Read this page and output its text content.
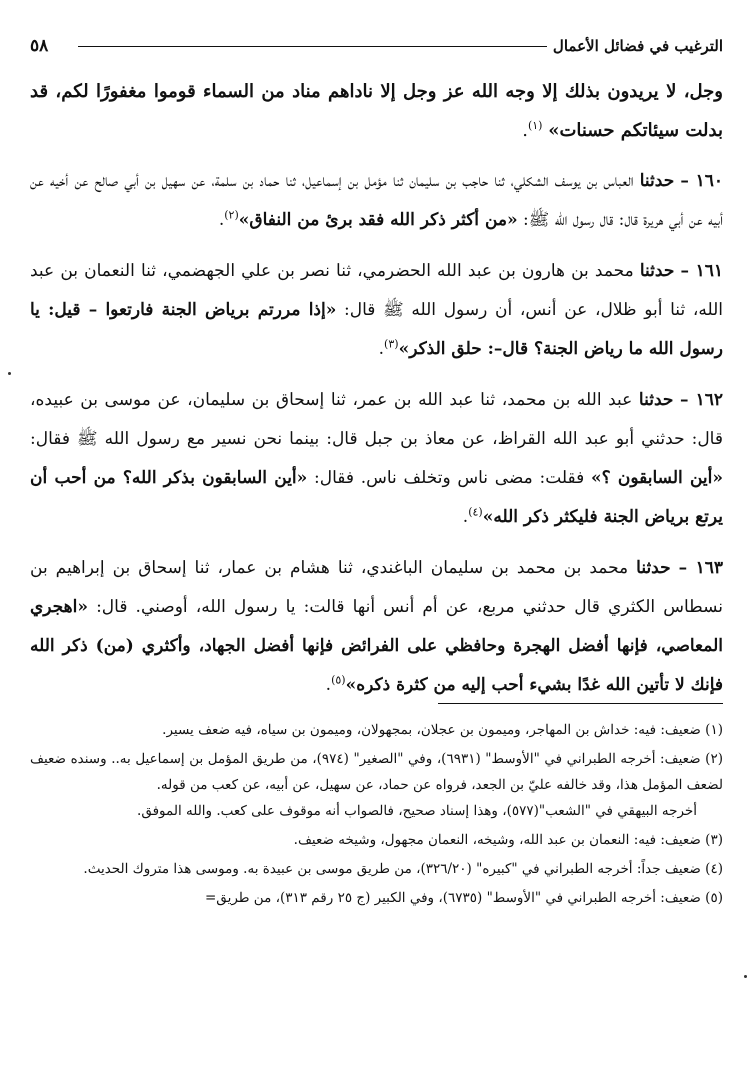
٥٨	الترغيب في فضائل الأعمال

وجل، لا يريدون بذلك إلا وجه الله عز وجل إلا ناداهم مناد من السماء قوموا مغفورًا لكم، قد بدلت سيئاتكم حسنات» $^{(١)}$.

١٦٠ – حدثنا العباس بن يوسف الشكلي، ثنا حاجب بن سليمان ثنا مؤمل بن إسماعيل، ثنا حماد بن سلمة، عن سهيل بن أبي صالح عن أخيه عن أبيه عن أبي هريرة قال: قال رسول الله ﷺ: «من أكثر ذكر الله فقد برئ من النفاق»$^{(٢)}$.

١٦١ – حدثنا محمد بن هارون بن عبد الله الحضرمي، ثنا نصر بن علي الجهضمي، ثنا النعمان بن عبد الله، ثنا أبو ظلال، عن أنس، أن رسول الله ﷺ قال: «إذا مررتم برياض الجنة فارتعوا – قيل: يا رسول الله ما رياض الجنة؟ قال–: حلق الذكر»$^{(٣)}$.

١٦٢ – حدثنا عبد الله بن محمد، ثنا عبد الله بن عمر، ثنا إسحاق بن سليمان، عن موسى بن عبيده، قال: حدثني أبو عبد الله القراظ، عن معاذ بن جبل قال: بينما نحن نسير مع رسول الله ﷺ فقال: «أين السابقون ؟» فقلت: مضى ناس وتخلف ناس. فقال: «أين السابقون بذكر الله؟ من أحب أن يرتع برياض الجنة فليكثر ذكر الله»$^{(٤)}$.

١٦٣ – حدثنا محمد بن محمد بن سليمان الباغندي، ثنا هشام بن عمار، ثنا إسحاق بن إبراهيم بن نسطاس الكثري قال حدثني مربع، عن أم أنس أنها قالت: يا رسول الله، أوصني. قال: «اهجري المعاصي، فإنها أفضل الهجرة وحافظي على الفرائض فإنها أفضل الجهاد، وأكثري (من) ذكر الله فإنك لا تأتين الله غدًا بشيء أحب إليه من كثرة ذكره»$^{(٥)}$.

(١) ضعيف: فيه: خداش بن المهاجر، وميمون بن عجلان، بمجهولان، وميمون بن سياه، فيه ضعف يسير.

(٢) ضعيف: أخرجه الطبراني في "الأوسط" (٦٩٣١)، وفي "الصغير" (٩٧٤)، من طريق المؤمل بن إسماعيل به.. وسنده ضعيف لضعف المؤمل هذا، وقد خالفه عليّ بن الجعد، فرواه عن حماد، عن سهيل، عن أبيه، عن كعب من قوله.
أخرجه البيهقي في "الشعب"(٥٧٧)، وهذا إسناد صحيح، فالصواب أنه موقوف على كعب. والله الموفق.

(٣) ضعيف: فيه: النعمان بن عبد الله، وشيخه، النعمان مجهول، وشيخه ضعيف.

(٤) ضعيف جداً: أخرجه الطبراني في "كبيره" (٣٢٦/٢٠)، من طريق موسى بن عبيدة به. وموسى هذا متروك الحديث.

(٥) ضعيف: أخرجه الطبراني في "الأوسط" (٦٧٣٥)، وفي الكبير (ج ٢٥ رقم ٣١٣)، من طريق=
